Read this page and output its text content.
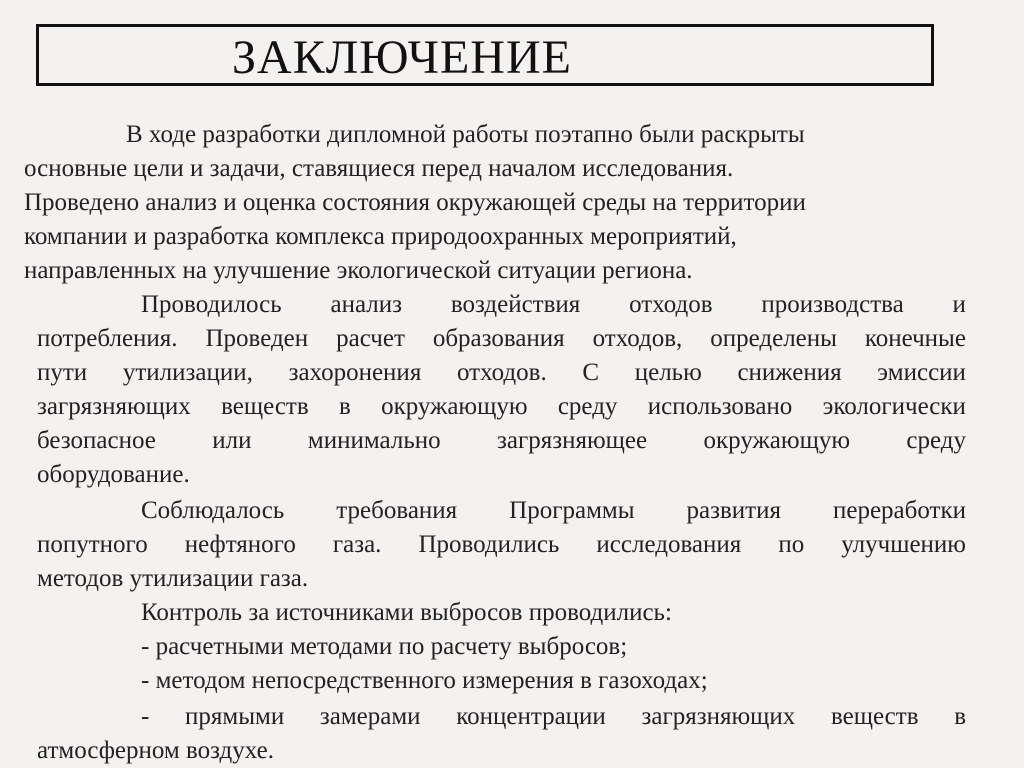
ЗАКЛЮЧЕНИЕ
В ходе разработки дипломной работы поэтапно были раскрыты
основные цели и задачи, ставящиеся перед началом исследования.
Проведено анализ и оценка состояния окружающей среды на территории
компании и разработка комплекса природоохранных мероприятий,
направленных на улучшение экологической ситуации региона.
Проводилось анализ воздействия отходов производства и
потребления. Проведен расчет образования отходов, определены конечные
пути утилизации, захоронения отходов. С целью снижения эмиссии
загрязняющих веществ в окружающую среду использовано экологически
безопасное или минимально загрязняющее окружающую среду
оборудование.
Соблюдалось требования Программы развития переработки
попутного нефтяного газа. Проводились исследования по улучшению
методов утилизации газа.
Контроль за источниками выбросов проводились:
- расчетными методами по расчету выбросов;
- методом непосредственного измерения в газоходах;
- прямыми замерами концентрации загрязняющих веществ в
атмосферном воздухе.
